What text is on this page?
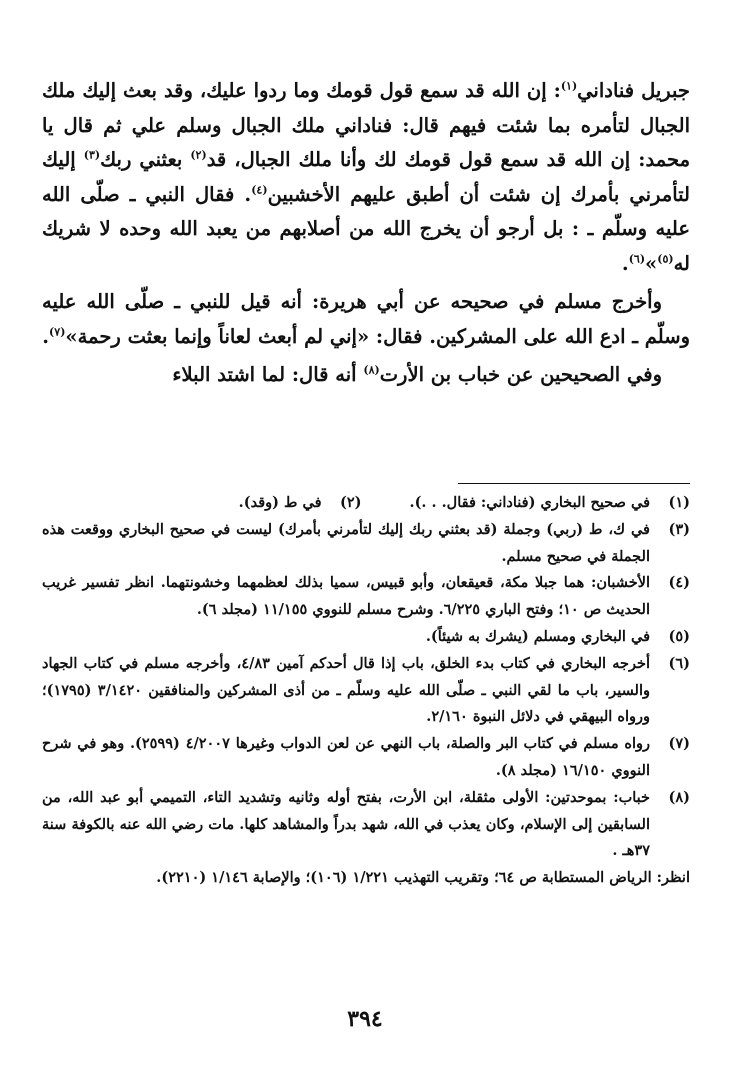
جبريل فناداني$^{(١)}$: إن الله قد سمع قول قومك وما ردوا عليك، وقد بعث إليك ملك الجبال لتأمره بما شئت فيهم قال: فناداني ملك الجبال وسلم علي ثم قال يا محمد: إن الله قد سمع قول قومك لك وأنا ملك الجبال، قد$^{(٢)}$ بعثني ربك$^{(٣)}$ إليك لتأمرني بأمرك إن شئت أن أطبق عليهم الأخشبين$^{(٤)}$. فقال النبي ـ صلّى الله عليه وسلّم ـ : بل أرجو أن يخرج الله من أصلابهم من يعبد الله وحده لا شريك له$^{(٥)}$»$^{(٦)}$.

وأخرج مسلم في صحيحه عن أبي هريرة: أنه قيل للنبي ـ صلّى الله عليه وسلّم ـ ادع الله على المشركين. فقال: «إني لم أبعث لعاناً وإنما بعثت رحمة»$^{(٧)}$.

وفي الصحيحين عن خباب بن الأرت$^{(٨)}$ أنه قال: لما اشتد البلاء

(١)
في صحيح البخاري (فناداني: فقال. . .).
(٢)
في ط (وقد).
(٣)
في ك، ط (ربي) وجملة (قد بعثني ربك إليك لتأمرني بأمرك) ليست في صحيح البخاري ووقعت هذه الجملة في صحيح مسلم.
(٤)
الأخشبان: هما جبلا مكة، قعيقعان، وأبو قبيس، سميا بذلك لعظمهما وخشونتهما. انظر تفسير غريب الحديث ص ١٠؛ وفتح الباري ٦/٢٢٥. وشرح مسلم للنووي ١١/١٥٥ (مجلد ٦).
(٥)
في البخاري ومسلم (يشرك به شيئاً).
(٦)
أخرجه البخاري في كتاب بدء الخلق، باب إذا قال أحدكم آمين ٤/٨٣، وأخرجه مسلم في كتاب الجهاد والسير، باب ما لقي النبي ـ صلّى الله عليه وسلّم ـ من أذى المشركين والمنافقين ٣/١٤٢٠ (١٧٩٥)؛ ورواه البيهقي في دلائل النبوة ٢/١٦٠.
(٧)
رواه مسلم في كتاب البر والصلة، باب النهي عن لعن الدواب وغيرها ٤/٢٠٠٧ (٢٥٩٩). وهو في شرح النووي ١٦/١٥٠ (مجلد ٨).
(٨)
خباب: بموحدتين: الأولى مثقلة، ابن الأرت، بفتح أوله وثانيه وتشديد التاء، التميمي أبو عبد الله، من السابقين إلى الإسلام، وكان يعذب في الله، شهد بدراً والمشاهد كلها. مات رضي الله عنه بالكوفة سنة ٣٧هـ .
انظر: الرياض المستطابة ص ٦٤؛ وتقريب التهذيب ١/٢٢١ (١٠٦)؛ والإصابة ١/١٤٦ (٢٢١٠).
٣٩٤
